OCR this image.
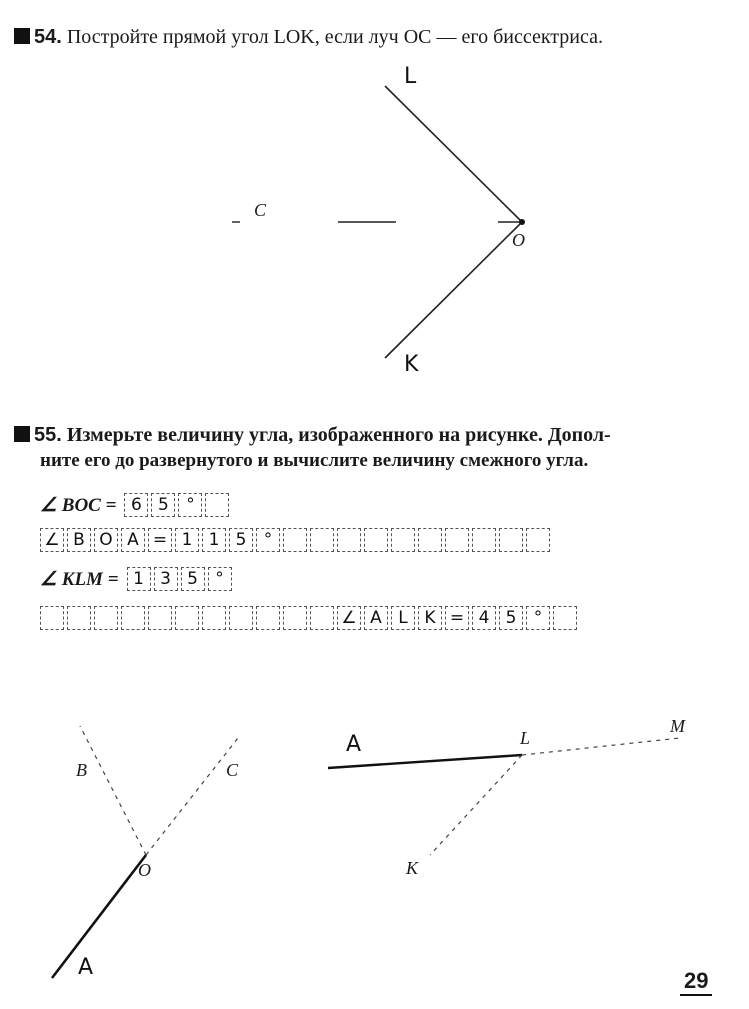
54. Постройте прямой угол LOK, если луч OC — его биссектриса.
L
C
O
K
55. Измерьте величину угла, изображенного на рисунке. Допол-
ните его до развернутого и вычислите величину смежного угла.
∠ BOC = 6 5	°
∠ B O A = 1 1 5	°
∠ KLM = 1 3 5	°
∠ A L K = 4 5	°
B	C
O
A
A	L
M
K
29
